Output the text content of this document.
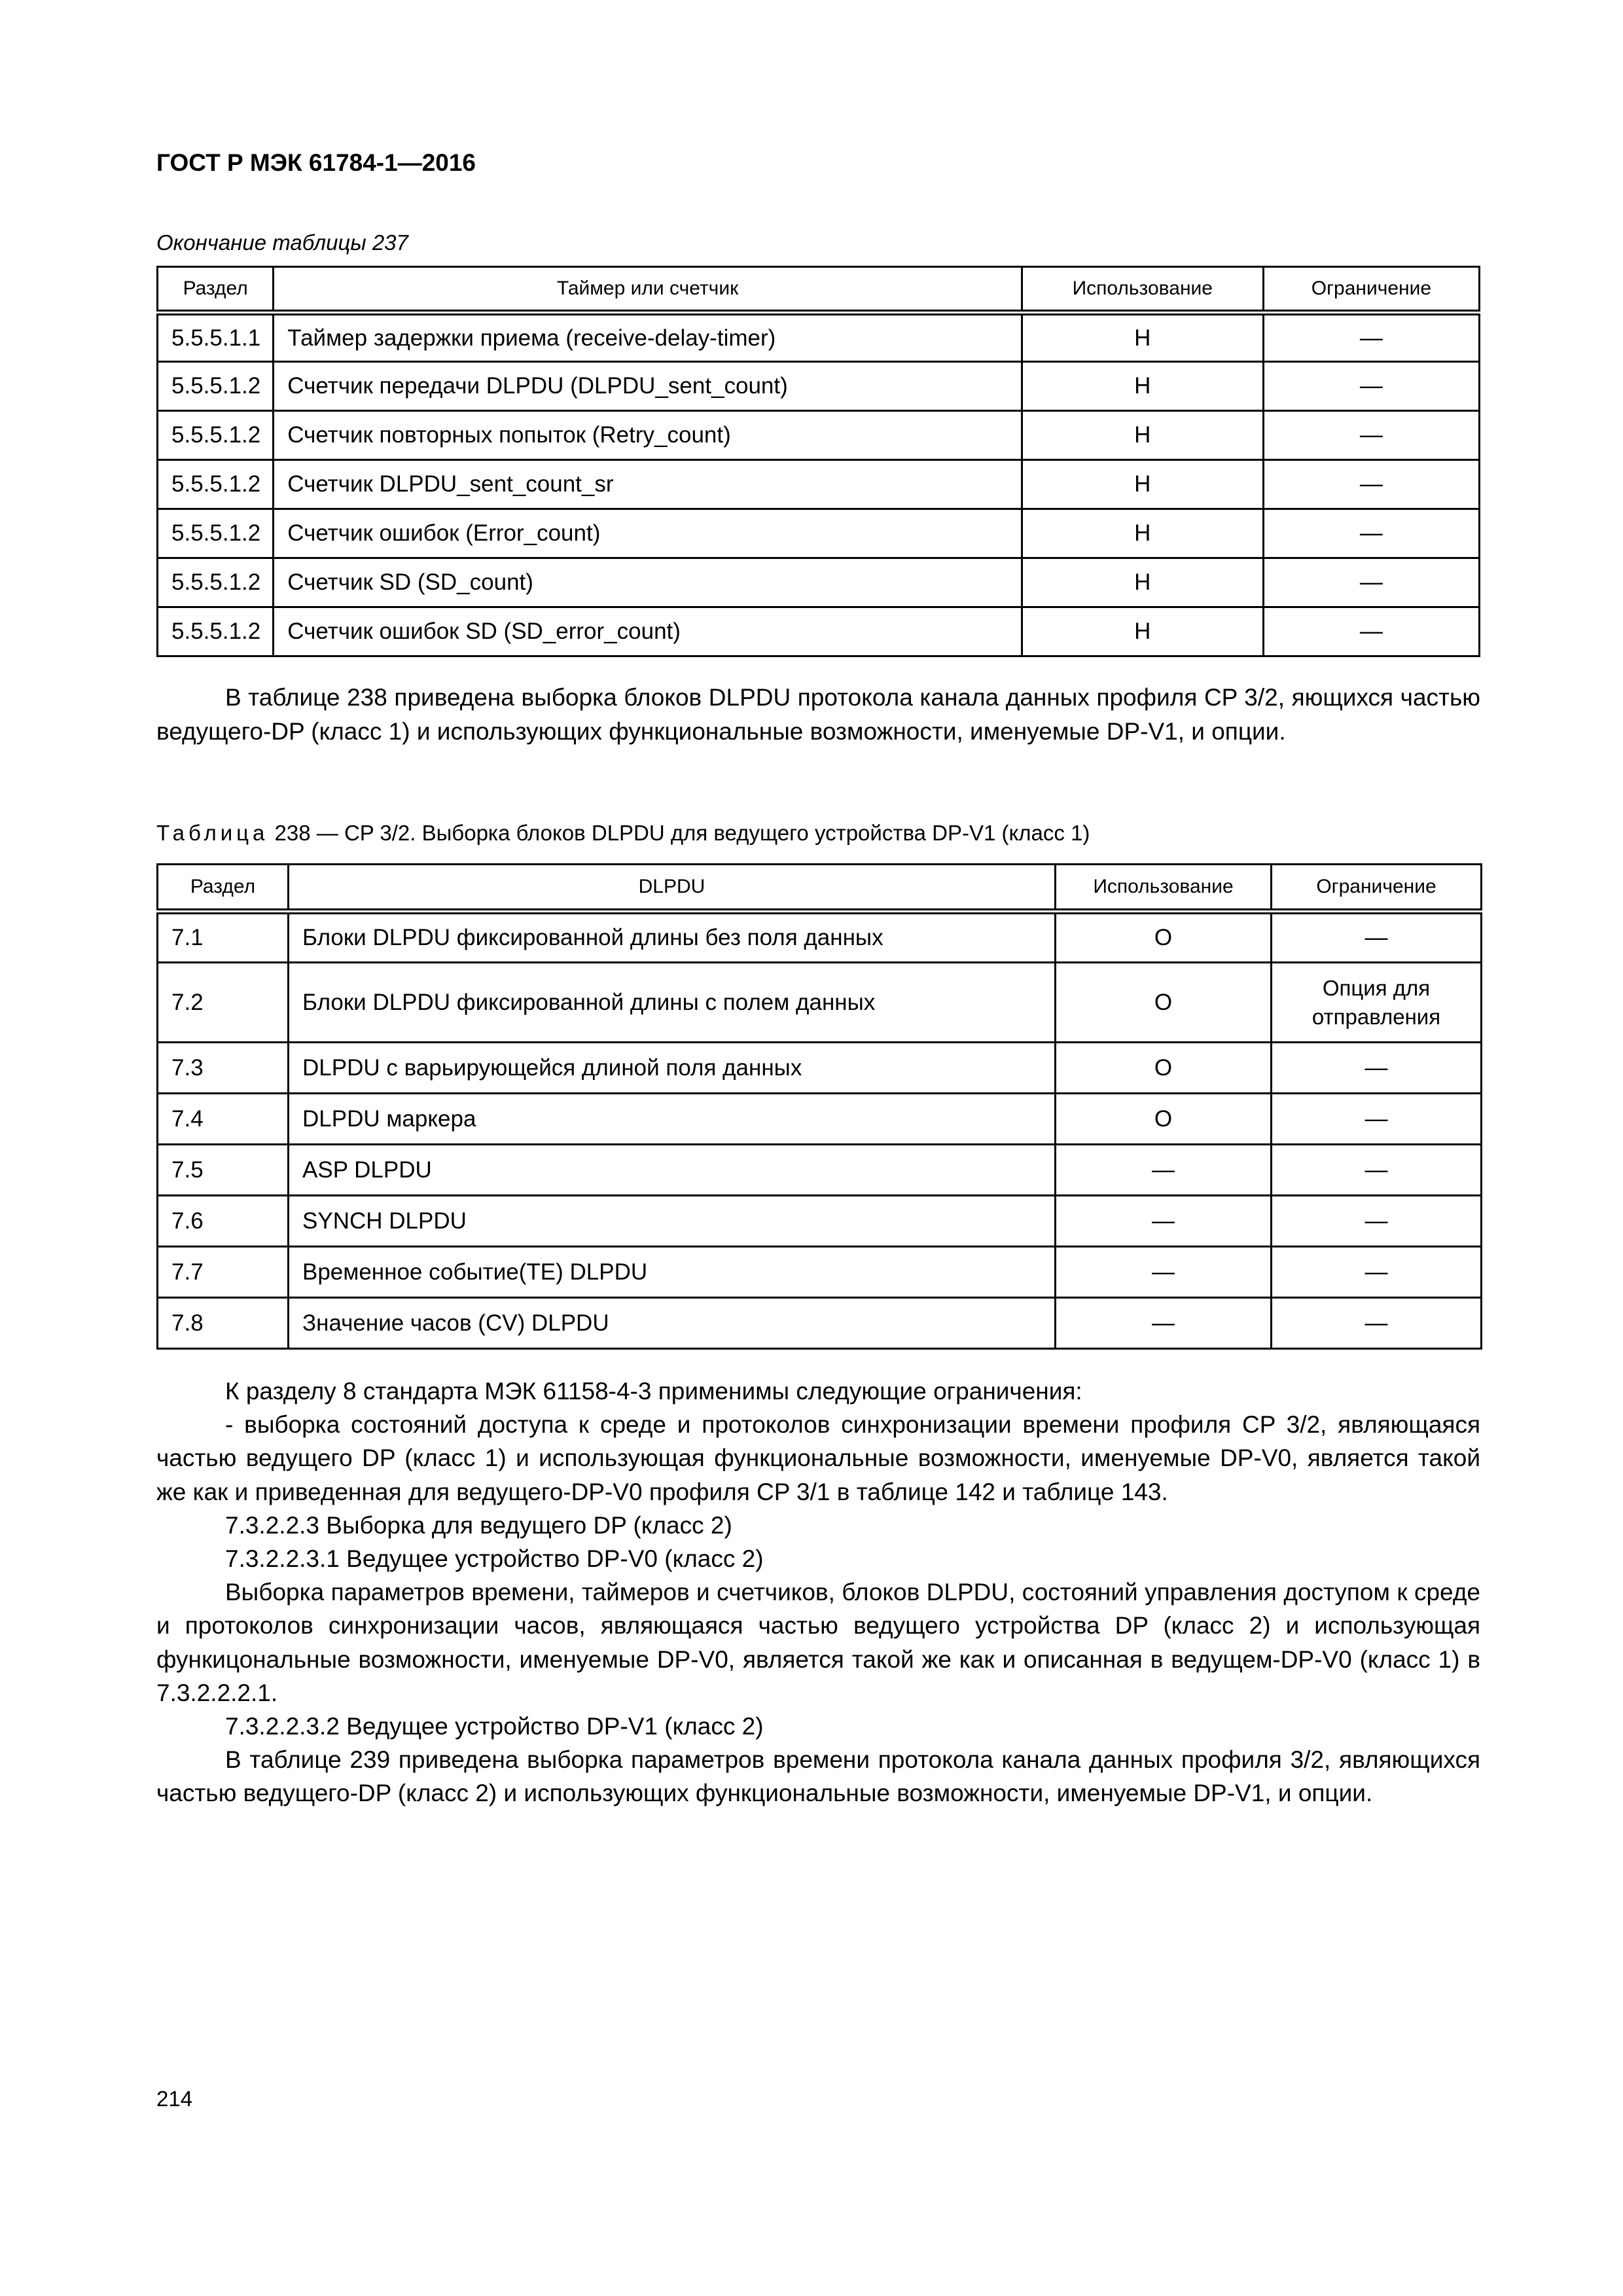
ГОСТ Р МЭК 61784-1—2016
Окончание таблицы 237
Раздел	Таймер или счетчик	Использование	Ограничение
5.5.5.1.1	Таймер задержки приема (receive-delay-timer)	H	—
5.5.5.1.2	Счетчик передачи DLPDU (DLPDU_sent_count)	H	—
5.5.5.1.2	Счетчик повторных попыток (Retry_count)	H	—
5.5.5.1.2	Счетчик DLPDU_sent_count_sr	H	—
5.5.5.1.2	Счетчик ошибок (Error_count)	H	—
5.5.5.1.2	Счетчик SD (SD_count)	H	—
5.5.5.1.2	Счетчик ошибок SD (SD_error_count)	H	—
В таблице 238 приведена выборка блоков DLPDU протокола канала данных профиля CP 3/2, яющихся частью ведущего-DP (класс 1) и использующих функциональные возможности, именуемые DP-V1, и опции.
Таблица 238 — CP 3/2. Выборка блоков DLPDU для ведущего устройства DP-V1 (класс 1)
Раздел	DLPDU	Использование	Ограничение
7.1	Блоки DLPDU фиксированной длины без поля данных	O	—
7.2	Блоки DLPDU фиксированной длины с полем данных	O	Опция для отправления
7.3	DLPDU с варьирующейся длиной поля данных	O	—
7.4	DLPDU маркера	O	—
7.5	ASP DLPDU	—	—
7.6	SYNCH DLPDU	—	—
7.7	Временное событие(TE) DLPDU	—	—
7.8	Значение часов (CV) DLPDU	—	—
К разделу 8 стандарта МЭК 61158-4-3 применимы следующие ограничения:
- выборка состояний доступа к среде и протоколов синхронизации времени профиля CP 3/2, являющаяся частью ведущего DP (класс 1) и использующая функциональные возможности, именуемые DP-V0, является такой же как и приведенная для ведущего-DP-V0 профиля CP 3/1 в таблице 142 и таблице 143.
7.3.2.2.3 Выборка для ведущего DP (класс 2)
7.3.2.2.3.1 Ведущее устройство DP-V0 (класс 2)
Выборка параметров времени, таймеров и счетчиков, блоков DLPDU, состояний управления доступом к среде и протоколов синхронизации часов, являющаяся частью ведущего устройства DP (класс 2) и использующая функицональные возможности, именуемые DP-V0, является такой же как и описанная в ведущем-DP-V0 (класс 1) в 7.3.2.2.2.1.
7.3.2.2.3.2 Ведущее устройство DP-V1 (класс 2)
В таблице 239 приведена выборка параметров времени протокола канала данных профиля 3/2, являющихся частью ведущего-DP (класс 2) и использующих функциональные возможности, именуемые DP-V1, и опции.
214
